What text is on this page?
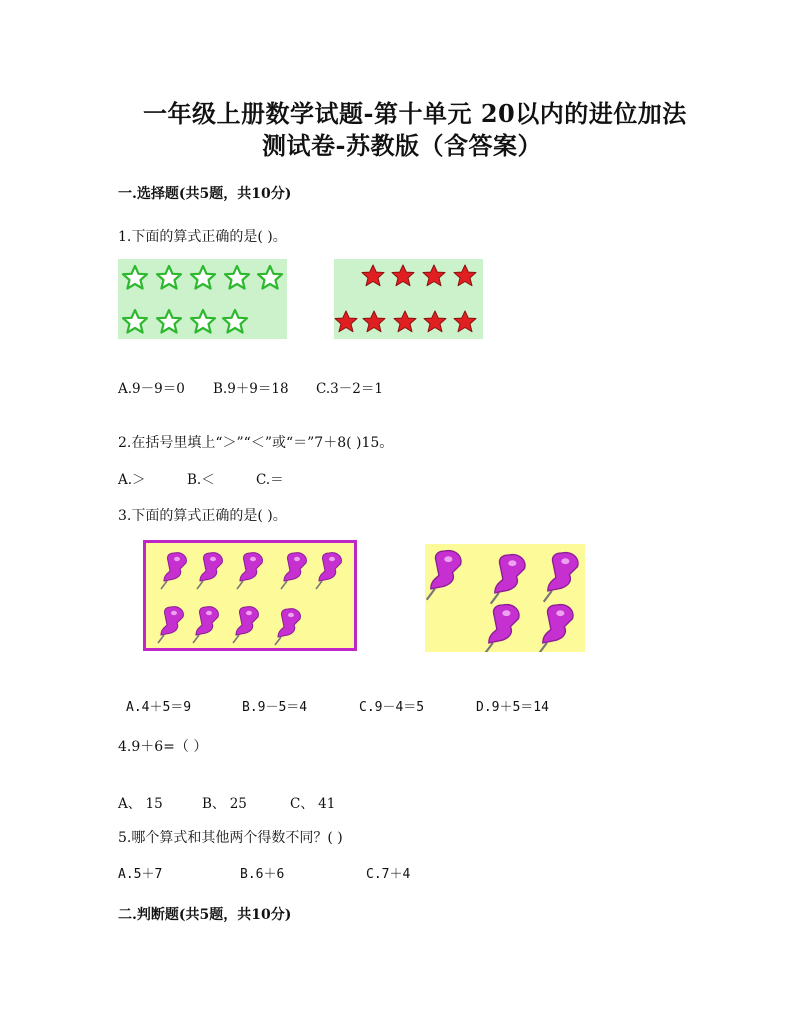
一年级上册数学试题-第十单元 20以内的进位加法
测试卷-苏教版（含答案）
一.选择题(共5题，共10分)
1.下面的算式正确的是( )。
A.9－9＝0 B.9＋9＝18 C.3－2＝1
2.在括号里填上“＞”“＜”或“＝”7＋8( )15。
A.＞	B.＜	C.＝
3.下面的算式正确的是( )。
A.4＋5＝9	B.9－5＝4	C.9－4＝5	D.9＋5＝14
4.9＋6=（ ）
A、 15	B、 25	C、 41
5.哪个算式和其他两个得数不同？( )
A.5＋7	B.6＋6	C.7＋4
二.判断题(共5题，共10分)
